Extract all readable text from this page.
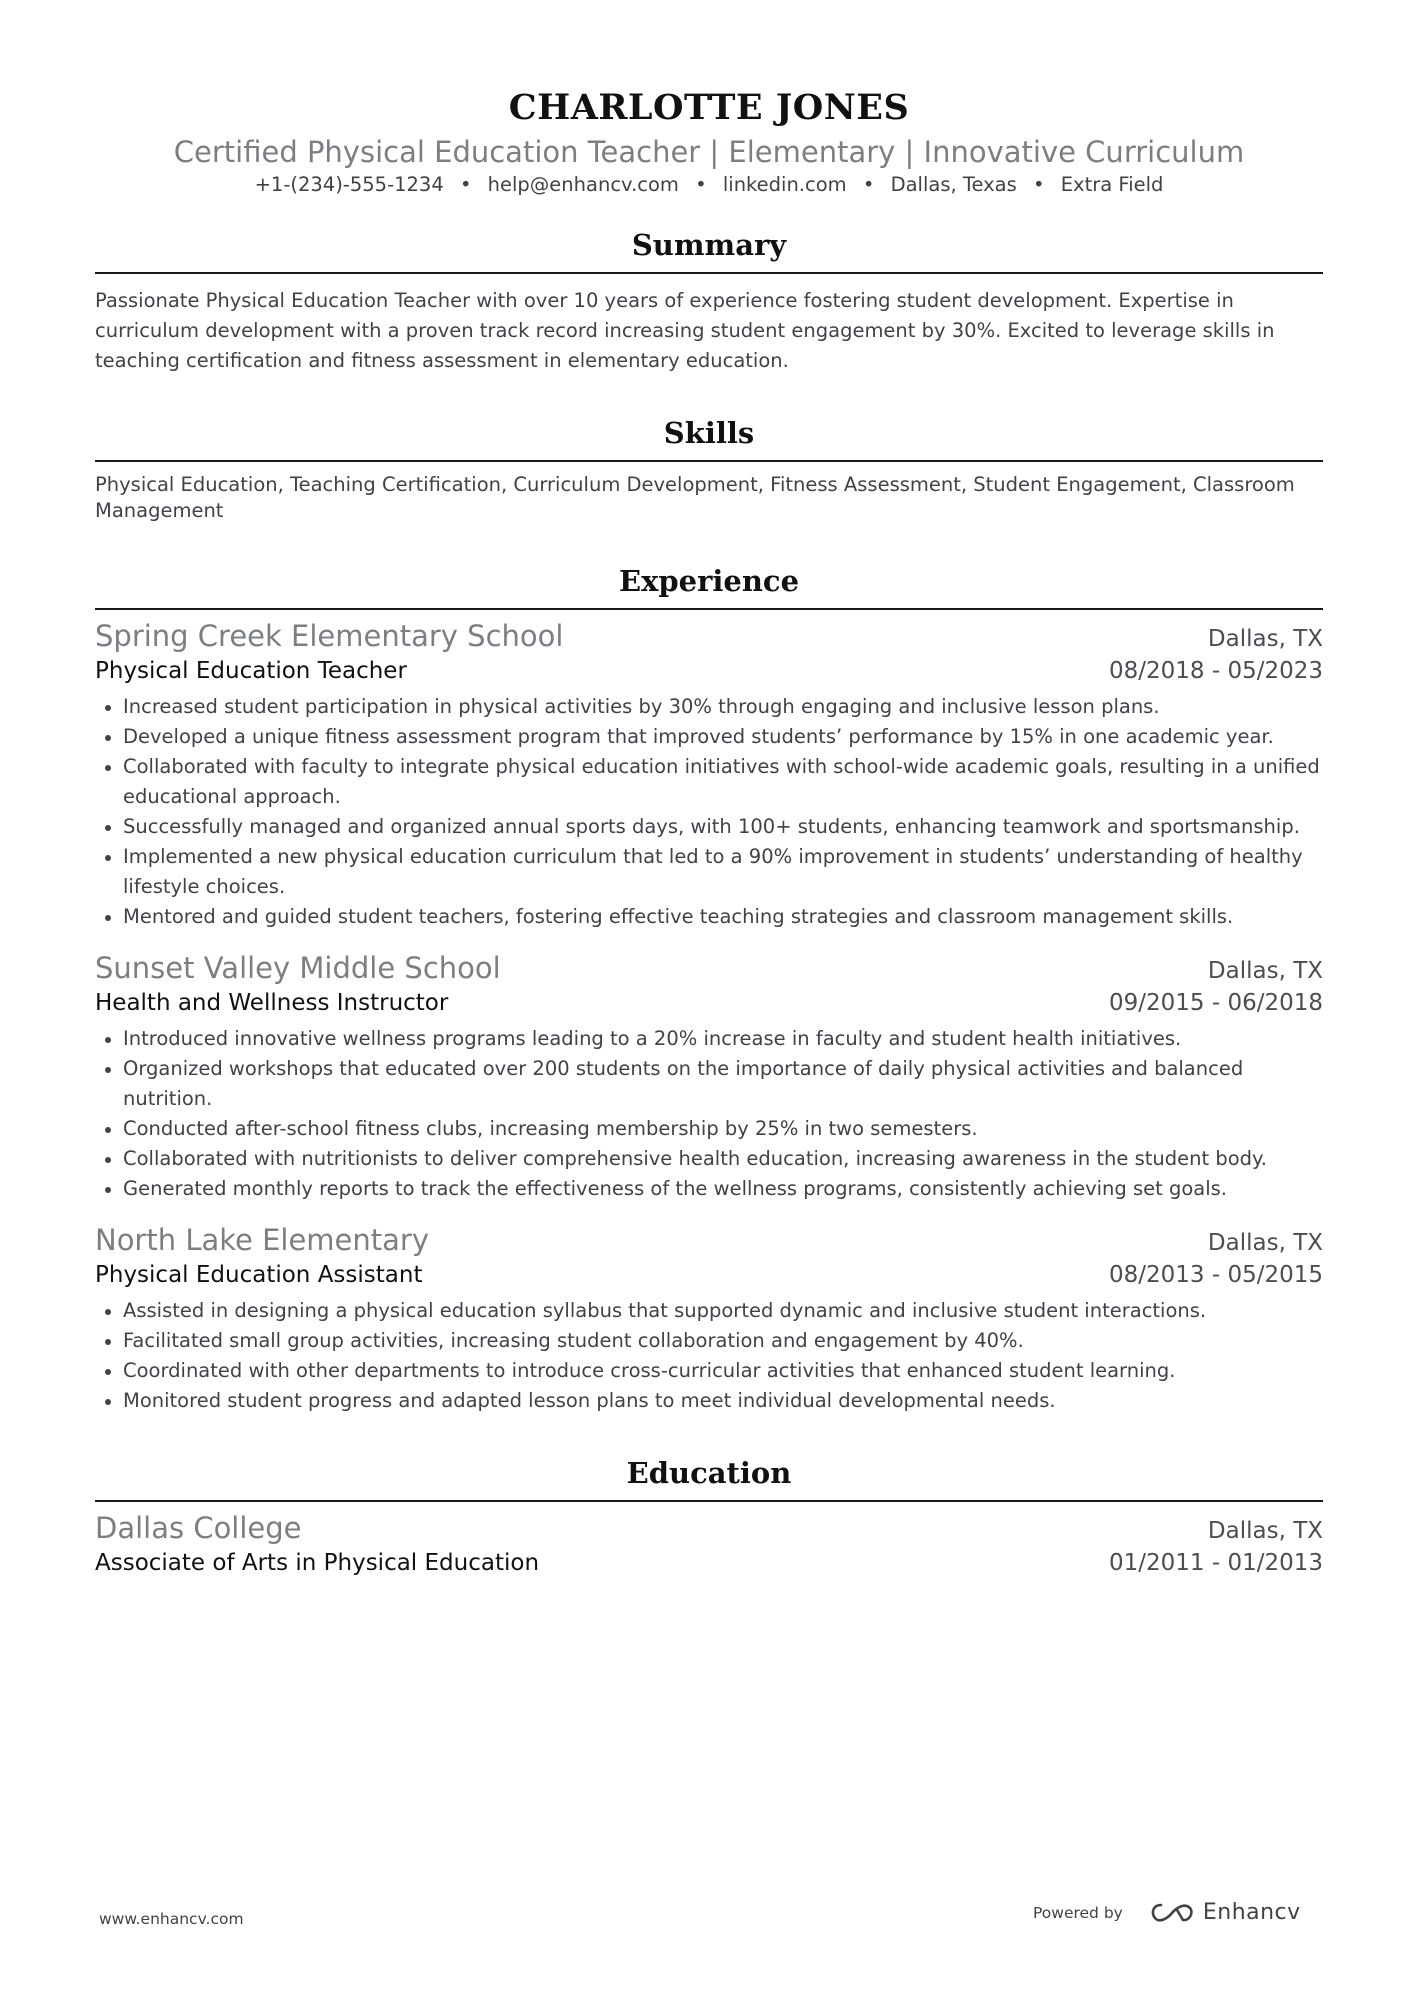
CHARLOTTE JONES
Certified Physical Education Teacher | Elementary | Innovative Curriculum
+1-(234)-555-1234 • help@enhancv.com • linkedin.com • Dallas, Texas • Extra Field
Summary
Passionate Physical Education Teacher with over 10 years of experience fostering student development. Expertise in curriculum development with a proven track record increasing student engagement by 30%. Excited to leverage skills in teaching certification and fitness assessment in elementary education.
Skills
Physical Education, Teaching Certification, Curriculum Development, Fitness Assessment, Student Engagement, Classroom Management
Experience
Spring Creek Elementary School	Dallas, TX
Physical Education Teacher	08/2018 - 05/2023
Increased student participation in physical activities by 30% through engaging and inclusive lesson plans.
Developed a unique fitness assessment program that improved students’ performance by 15% in one academic year.
Collaborated with faculty to integrate physical education initiatives with school-wide academic goals, resulting in a unified educational approach.
Successfully managed and organized annual sports days, with 100+ students, enhancing teamwork and sportsmanship.
Implemented a new physical education curriculum that led to a 90% improvement in students’ understanding of healthy lifestyle choices.
Mentored and guided student teachers, fostering effective teaching strategies and classroom management skills.
Sunset Valley Middle School	Dallas, TX
Health and Wellness Instructor	09/2015 - 06/2018
Introduced innovative wellness programs leading to a 20% increase in faculty and student health initiatives.
Organized workshops that educated over 200 students on the importance of daily physical activities and balanced nutrition.
Conducted after-school fitness clubs, increasing membership by 25% in two semesters.
Collaborated with nutritionists to deliver comprehensive health education, increasing awareness in the student body.
Generated monthly reports to track the effectiveness of the wellness programs, consistently achieving set goals.
North Lake Elementary	Dallas, TX
Physical Education Assistant	08/2013 - 05/2015
Assisted in designing a physical education syllabus that supported dynamic and inclusive student interactions.
Facilitated small group activities, increasing student collaboration and engagement by 40%.
Coordinated with other departments to introduce cross-curricular activities that enhanced student learning.
Monitored student progress and adapted lesson plans to meet individual developmental needs.
Education
Dallas College	Dallas, TX
Associate of Arts in Physical Education	01/2011 - 01/2013
www.enhancv.com	Powered by	Enhancv
